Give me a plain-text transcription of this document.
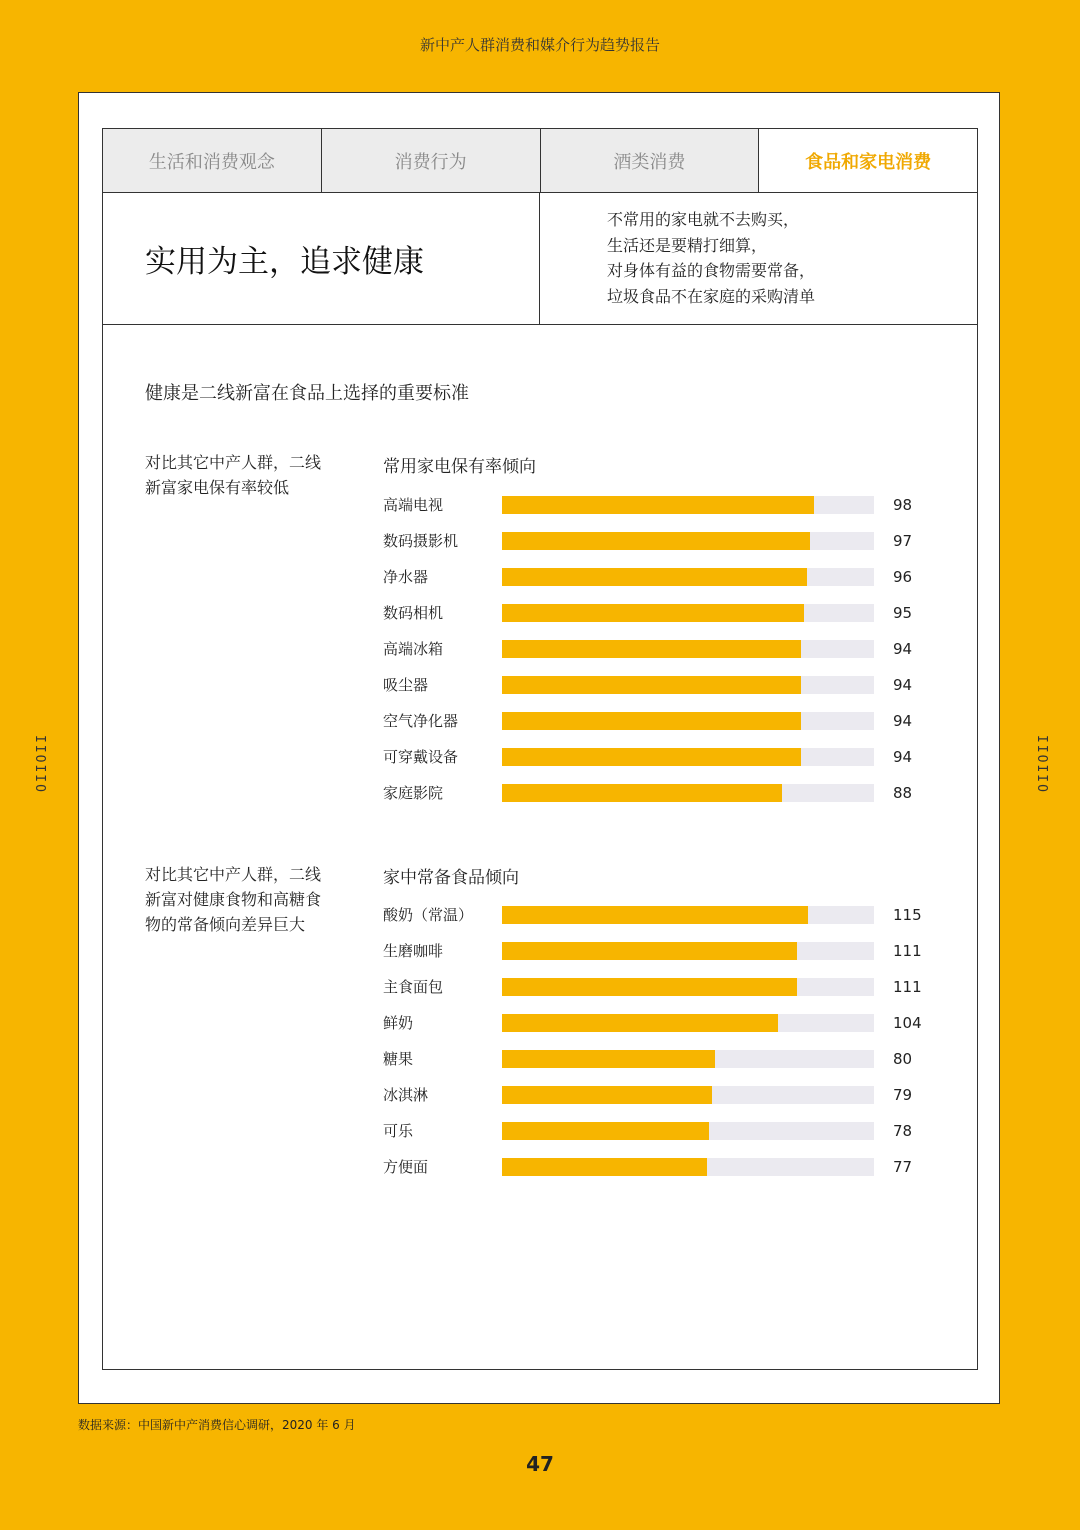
新中产人群消费和媒介行为趋势报告
IIOIIO	IIOIIO
生活和消费观念	消费行为	酒类消费	食品和家电消费
实用为主，追求健康
不常用的家电就不去购买，
生活还是要精打细算，
对身体有益的食物需要常备，
垃圾食品不在家庭的采购清单
健康是二线新富在食品上选择的重要标准
对比其它中产人群，二线
新富家电保有率较低
常用家电保有率倾向
高端电视	98
数码摄影机	97
净水器	96
数码相机	95
高端冰箱	94
吸尘器	94
空气净化器	94
可穿戴设备	94
家庭影院	88
对比其它中产人群，二线
新富对健康食物和高糖食
物的常备倾向差异巨大
家中常备食品倾向
酸奶（常温）	115
生磨咖啡	111
主食面包	111
鲜奶	104
糖果	80
冰淇淋	79
可乐	78
方便面	77
数据来源：中国新中产消费信心调研，2020 年 6 月
47
